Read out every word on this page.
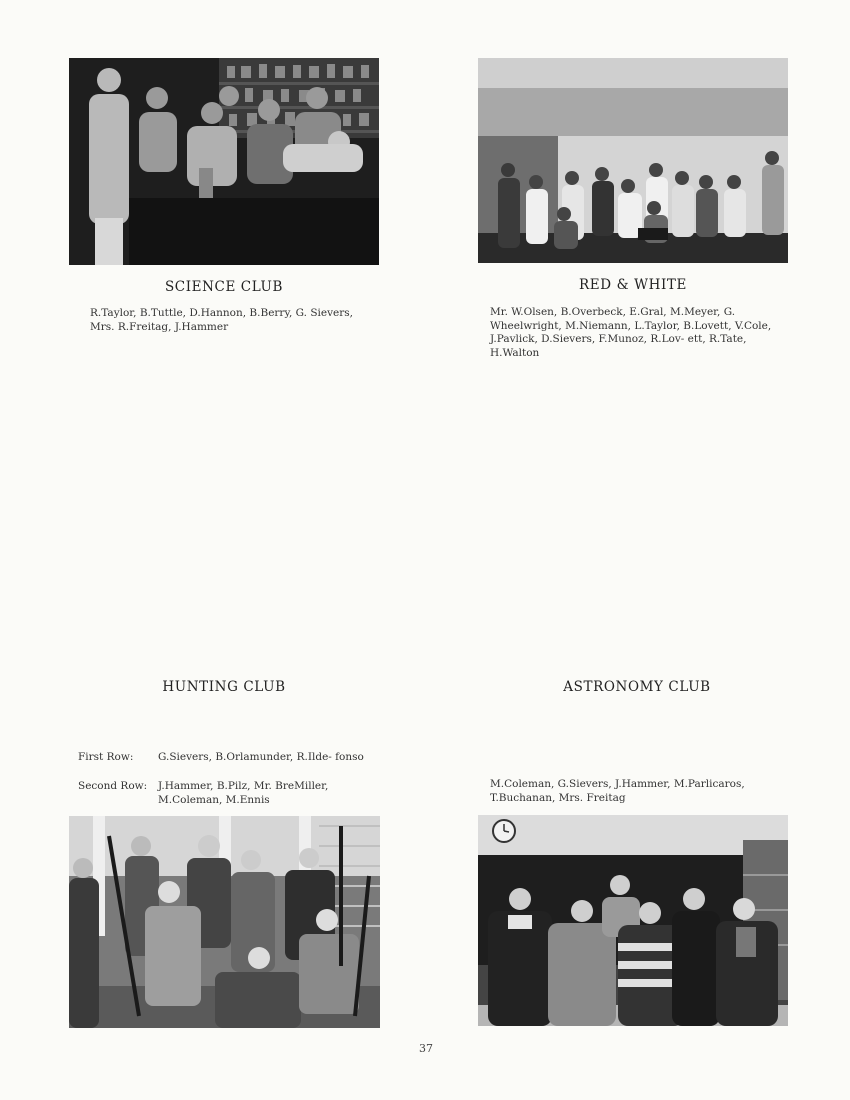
SCIENCE CLUB
R.Taylor, B.Tuttle, D.Hannon, B.Berry, G. Sievers, Mrs. R.Freitag, J.Hammer
RED & WHITE
Mr. W.Olsen, B.Overbeck, E.Gral, M.Meyer, G. Wheelwright, M.Niemann, L.Taylor, B.Lovett, V.Cole, J.Pavlick, D.Sievers, F.Munoz, R.Lov- ett, R.Tate, H.Walton
HUNTING CLUB
First Row:	G.Sievers, B.Orlamunder, R.Ilde- fonso
Second Row:	J.Hammer, B.Pilz, Mr. BreMiller, M.Coleman, M.Ennis
ASTRONOMY CLUB
M.Coleman, G.Sievers, J.Hammer, M.Parlicaros, T.Buchanan, Mrs. Freitag
37
